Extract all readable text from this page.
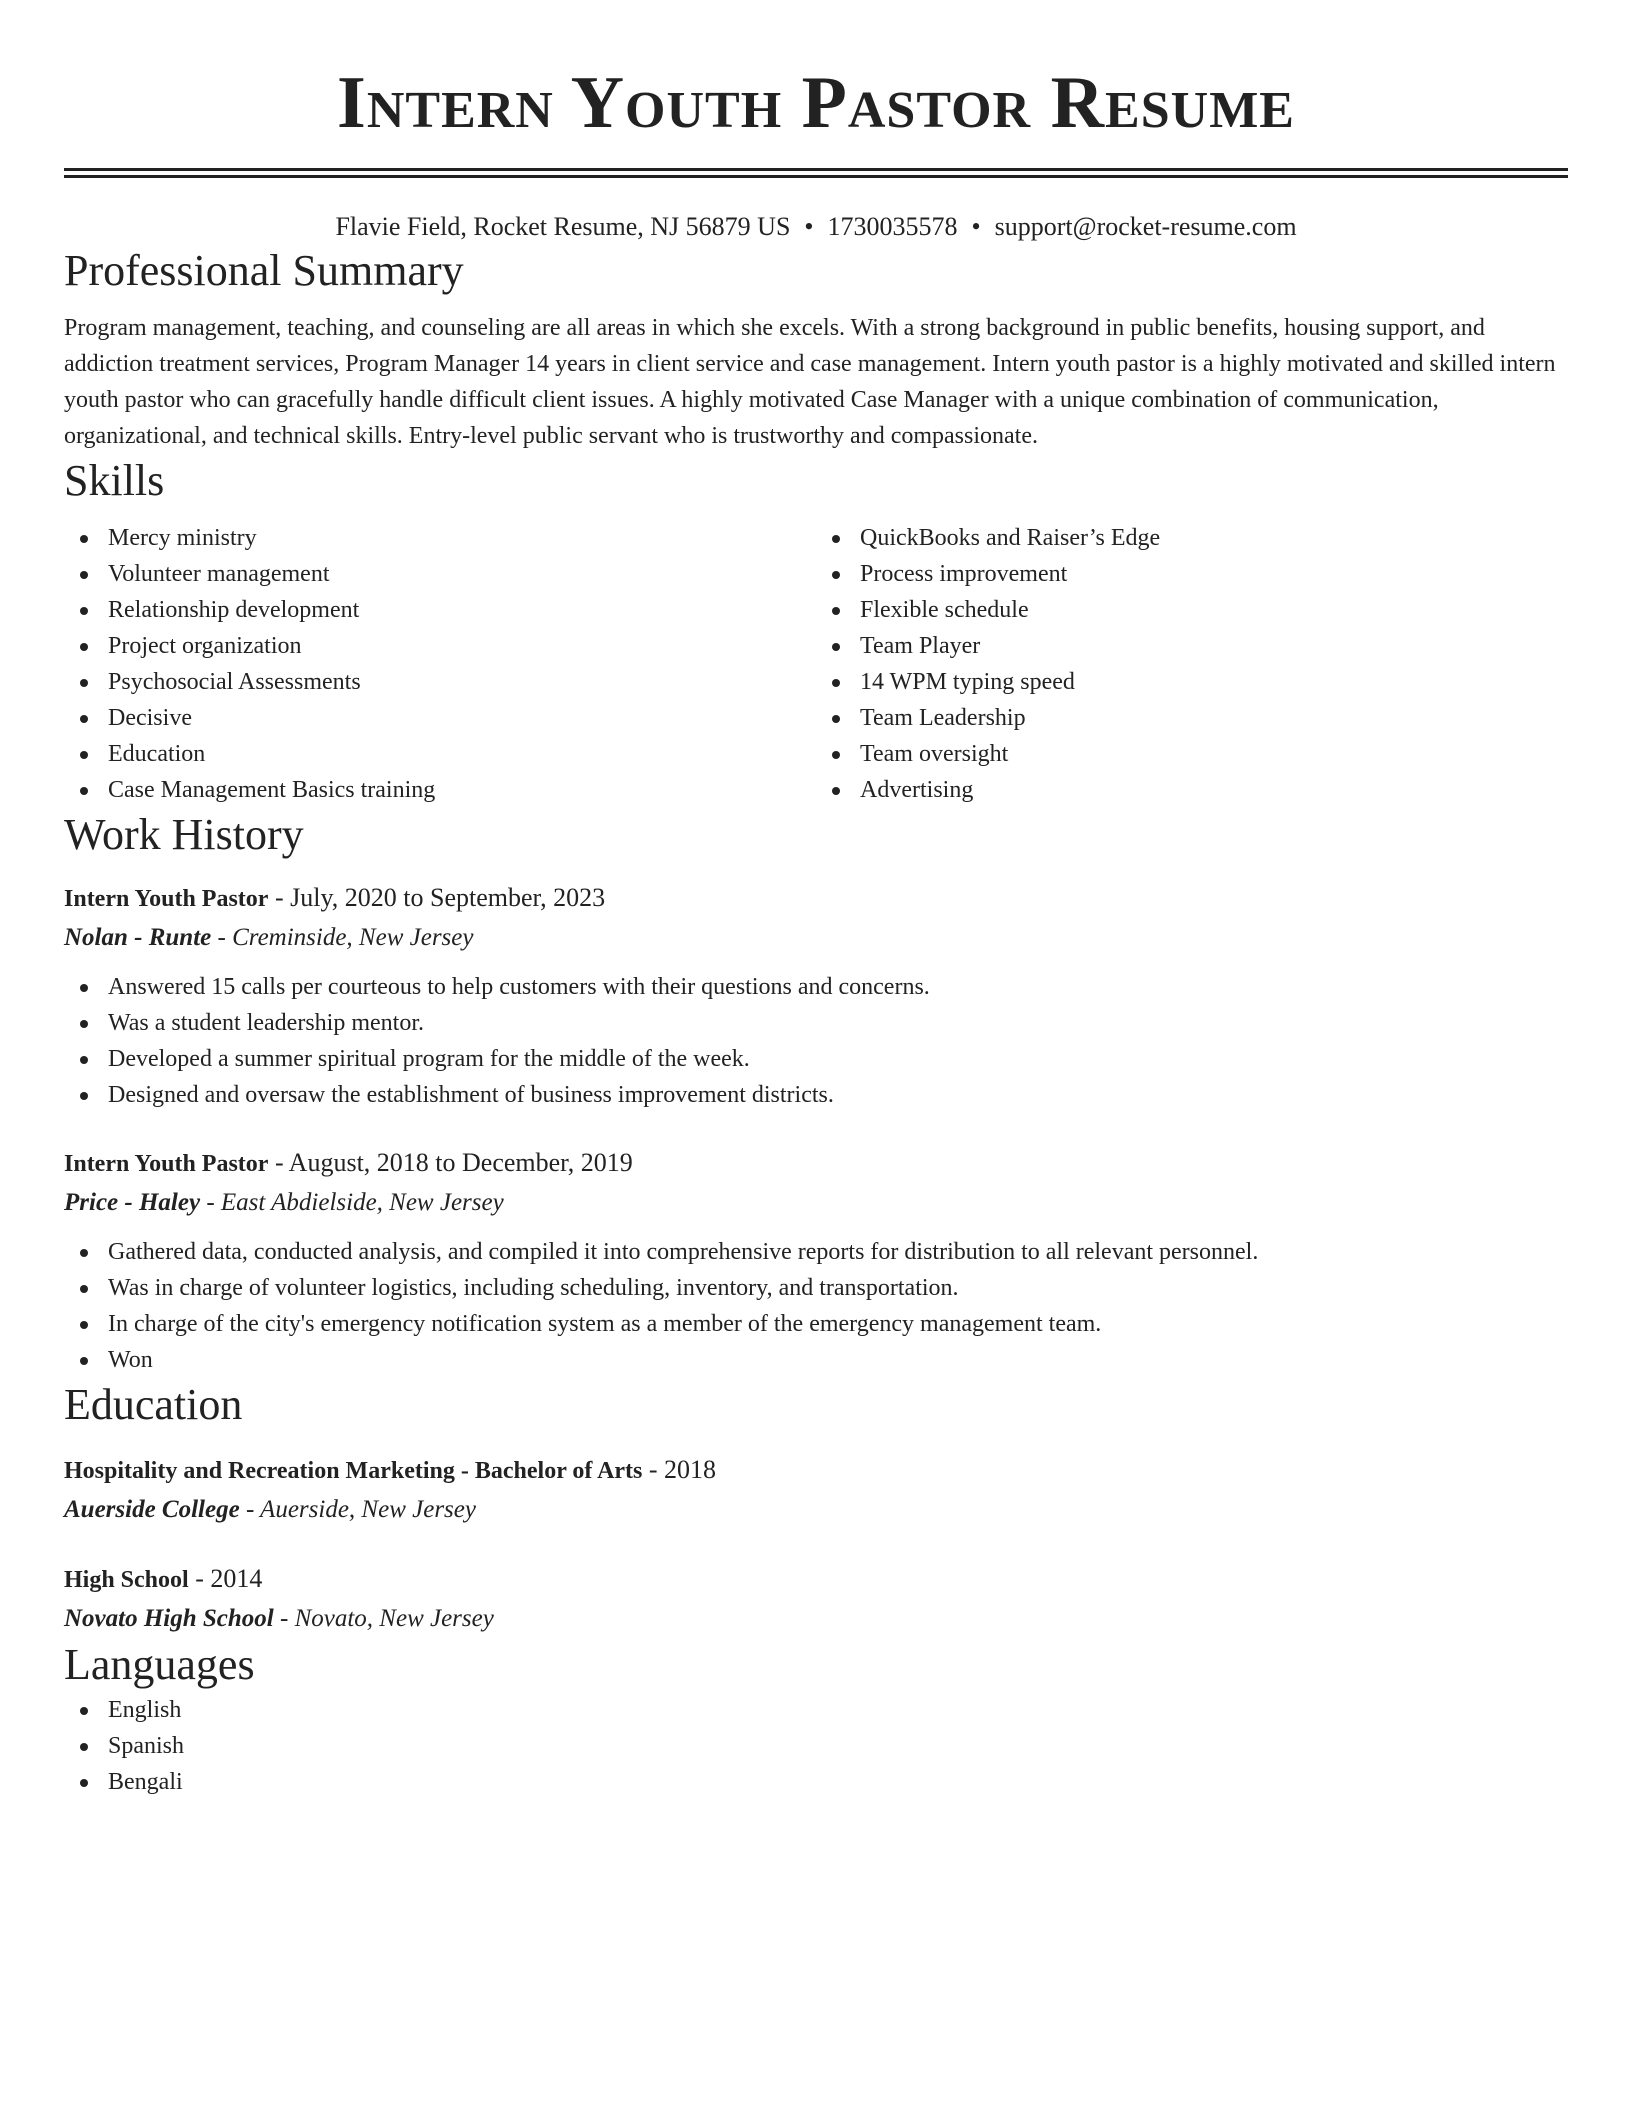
Intern Youth Pastor Resume
Flavie Field, Rocket Resume, NJ 56879 US • 1730035578 • support@rocket-resume.com
Professional Summary

Program management, teaching, and counseling are all areas in which she excels. With a strong background in public benefits, housing support, and addiction treatment services, Program Manager 14 years in client service and case management. Intern youth pastor is a highly motivated and skilled intern youth pastor who can gracefully handle difficult client issues. A highly motivated Case Manager with a unique combination of communication, organizational, and technical skills. Entry-level public servant who is trustworthy and compassionate.

Skills
Mercy ministry
Volunteer management
Relationship development
Project organization
Psychosocial Assessments
Decisive
Education
Case Management Basics training
QuickBooks and Raiser’s Edge
Process improvement
Flexible schedule
Team Player
14 WPM typing speed
Team Leadership
Team oversight
Advertising
Work History
Intern Youth Pastor - July, 2020 to September, 2023
Nolan - Runte - Creminside, New Jersey
Answered 15 calls per courteous to help customers with their questions and concerns.
Was a student leadership mentor.
Developed a summer spiritual program for the middle of the week.
Designed and oversaw the establishment of business improvement districts.
Intern Youth Pastor - August, 2018 to December, 2019
Price - Haley - East Abdielside, New Jersey
Gathered data, conducted analysis, and compiled it into comprehensive reports for distribution to all relevant personnel.
Was in charge of volunteer logistics, including scheduling, inventory, and transportation.
In charge of the city's emergency notification system as a member of the emergency management team.
Won
Education
Hospitality and Recreation Marketing - Bachelor of Arts - 2018
Auerside College - Auerside, New Jersey
High School - 2014
Novato High School - Novato, New Jersey
Languages
English
Spanish
Bengali
